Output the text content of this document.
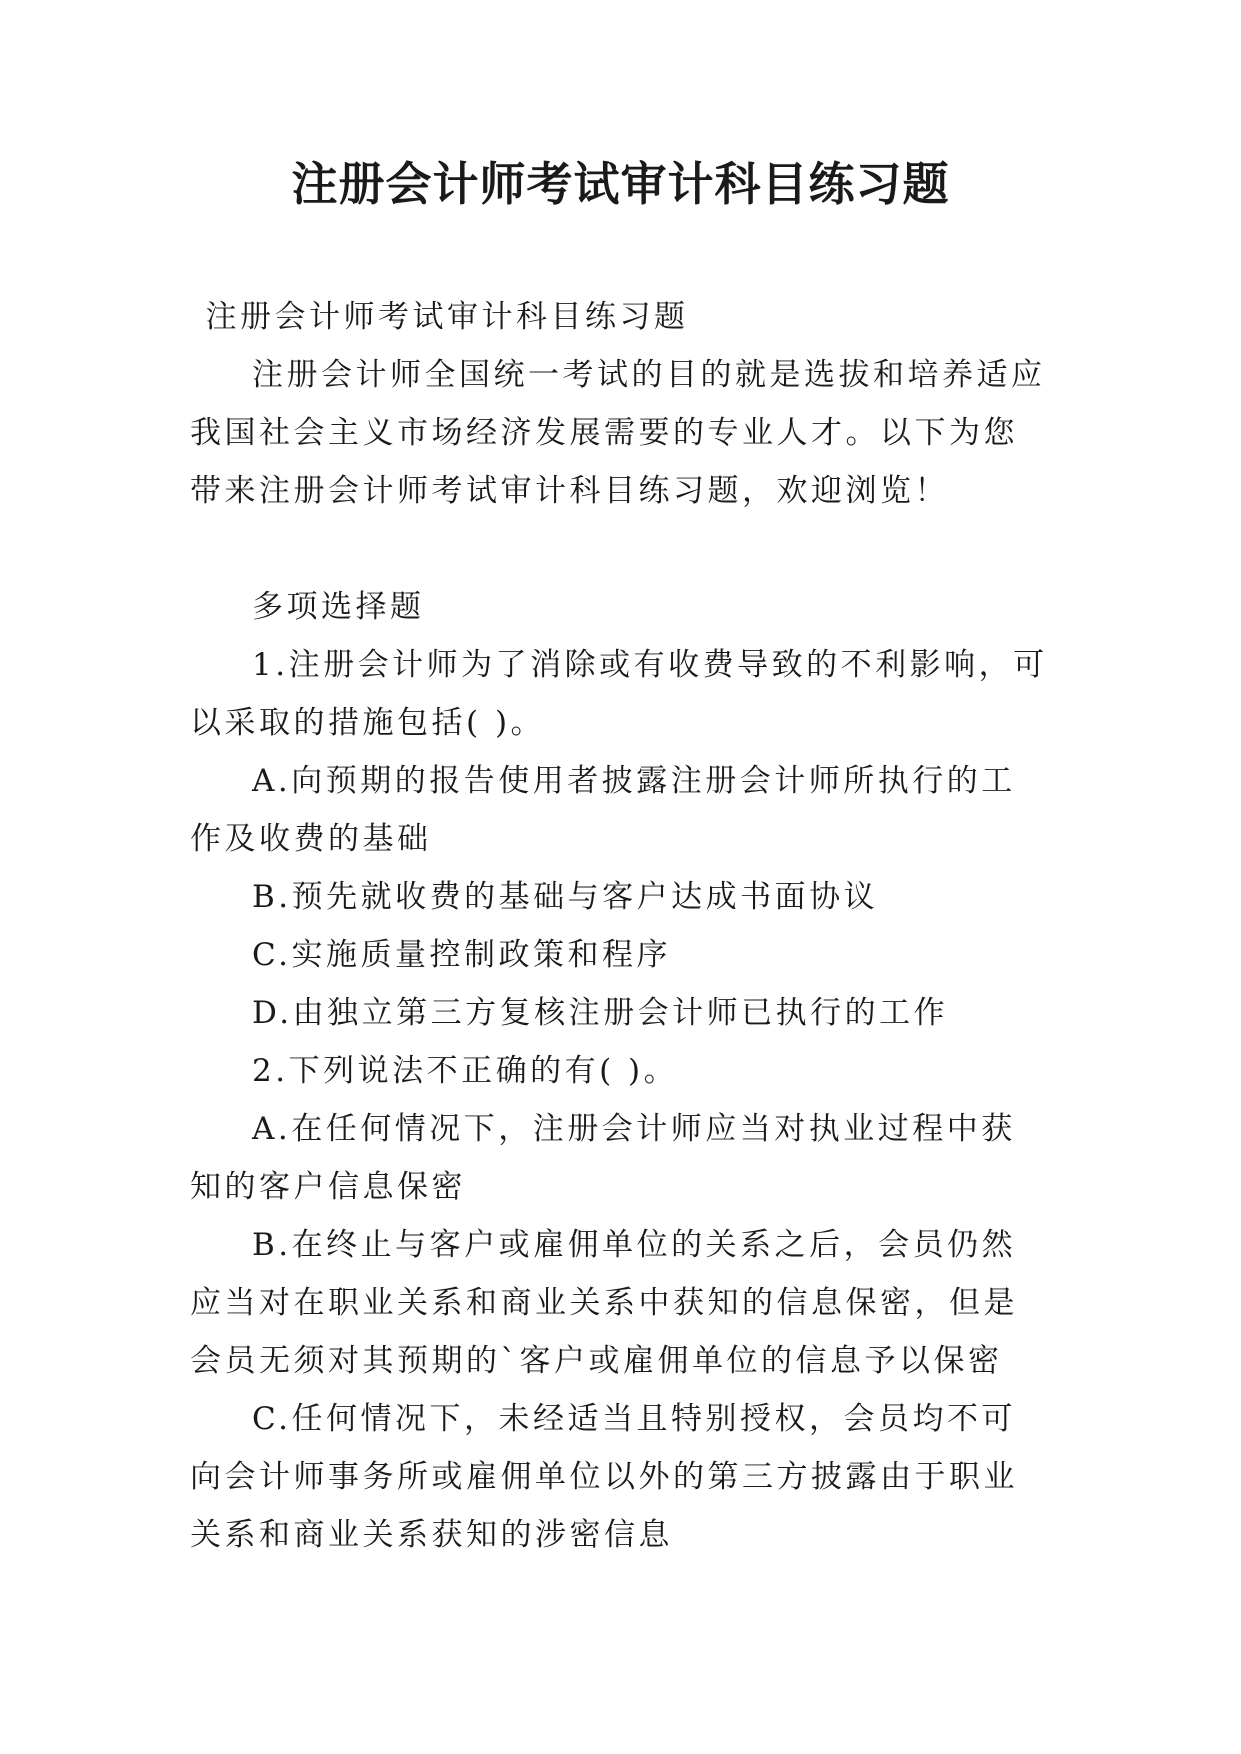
注册会计师考试审计科目练习题

注册会计师考试审计科目练习题

注册会计师全国统一考试的目的就是选拔和培养适应我国社会主义市场经济发展需要的专业人才。以下为您带来注册会计师考试审计科目练习题，欢迎浏览！

多项选择题

1.注册会计师为了消除或有收费导致的不利影响，可以采取的措施包括( )。

A.向预期的报告使用者披露注册会计师所执行的工作及收费的基础

B.预先就收费的基础与客户达成书面协议

C.实施质量控制政策和程序

D.由独立第三方复核注册会计师已执行的工作

2.下列说法不正确的有( )。

A.在任何情况下，注册会计师应当对执业过程中获知的客户信息保密

B.在终止与客户或雇佣单位的关系之后，会员仍然应当对在职业关系和商业关系中获知的信息保密，但是会员无须对其预期的`客户或雇佣单位的信息予以保密

C.任何情况下，未经适当且特别授权，会员均不可向会计师事务所或雇佣单位以外的第三方披露由于职业关系和商业关系获知的涉密信息
